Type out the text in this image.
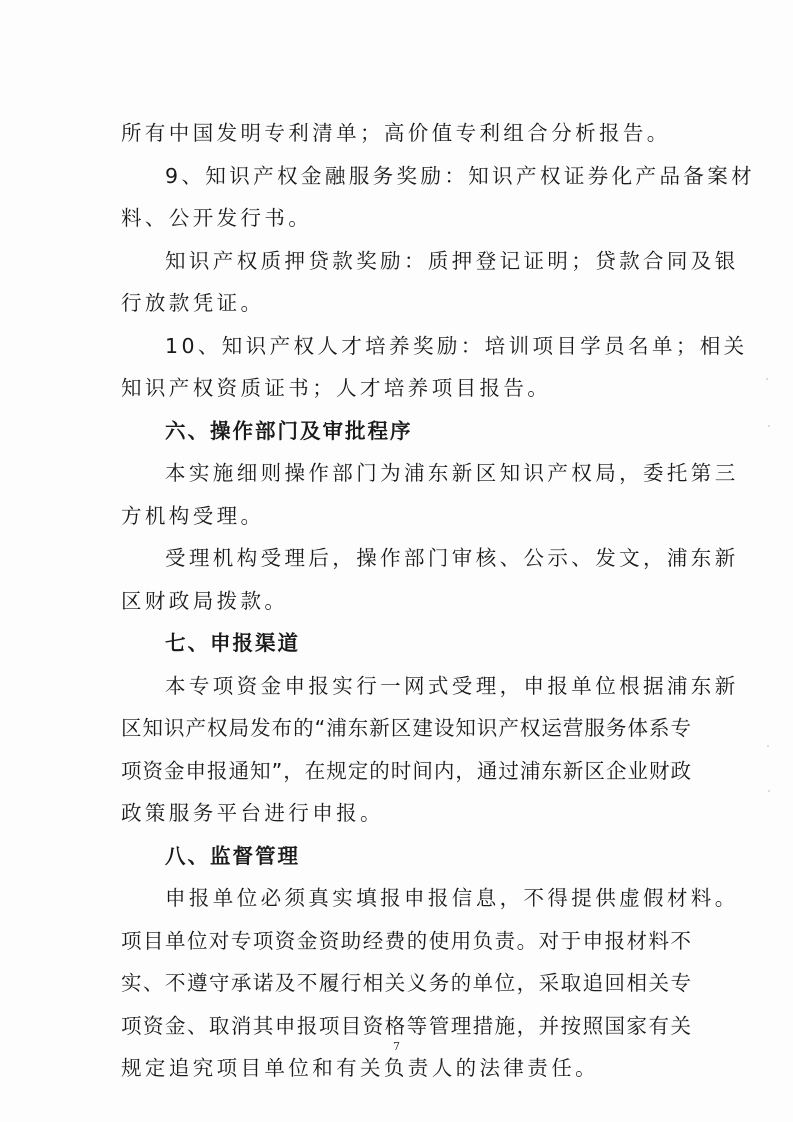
所有中国发明专利清单；高价值专利组合分析报告。
9、知识产权金融服务奖励：知识产权证券化产品备案材
料、公开发行书。
知识产权质押贷款奖励：质押登记证明；贷款合同及银
行放款凭证。
10、知识产权人才培养奖励：培训项目学员名单；相关
知识产权资质证书；人才培养项目报告。
六、操作部门及审批程序
本实施细则操作部门为浦东新区知识产权局，委托第三
方机构受理。
受理机构受理后，操作部门审核、公示、发文，浦东新
区财政局拨款。
七、申报渠道
本专项资金申报实行一网式受理，申报单位根据浦东新
区知识产权局发布的“浦东新区建设知识产权运营服务体系专
项资金申报通知”，在规定的时间内，通过浦东新区企业财政
政策服务平台进行申报。
八、监督管理
申报单位必须真实填报申报信息，不得提供虚假材料。
项目单位对专项资金资助经费的使用负责。对于申报材料不
实、不遵守承诺及不履行相关义务的单位，采取追回相关专
项资金、取消其申报项目资格等管理措施，并按照国家有关
规定追究项目单位和有关负责人的法律责任。
7
